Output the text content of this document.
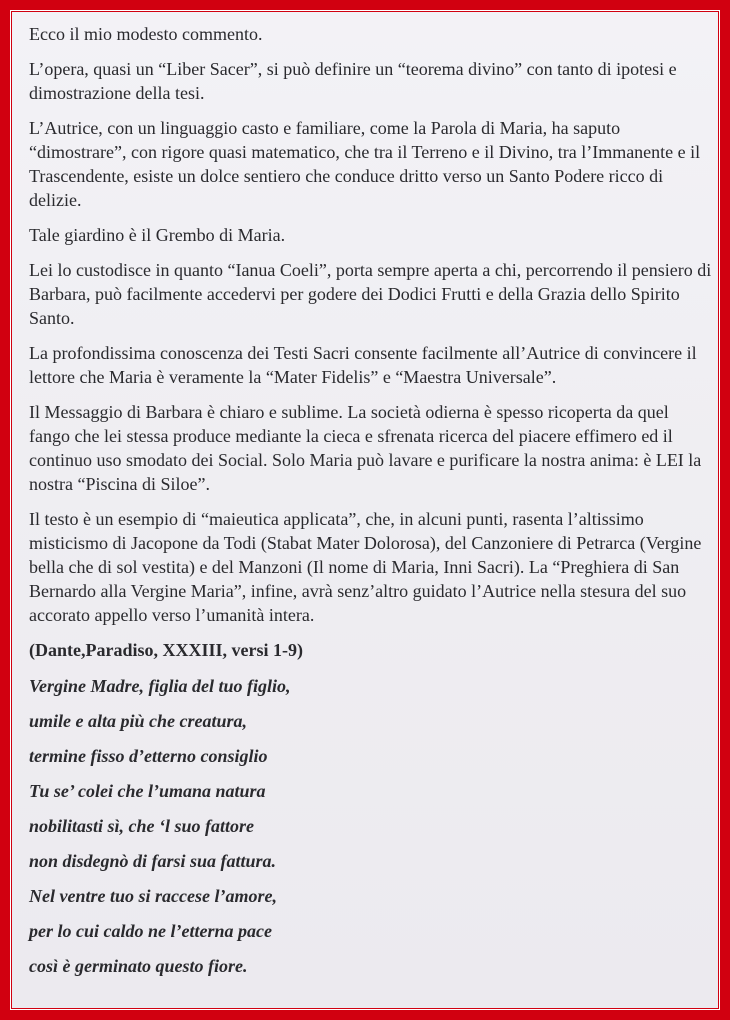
Ecco il mio modesto commento.

L’opera, quasi un “Liber Sacer”, si può definire un “teorema divino” con tanto di ipotesi e dimostrazione della tesi.

L’Autrice, con un linguaggio casto e familiare, come la Parola di Maria, ha saputo “dimostrare”, con rigore quasi matematico, che tra il Terreno e il Divino, tra l’Immanente e il Trascendente, esiste un dolce sentiero che conduce dritto verso un Santo Podere ricco di delizie.

Tale giardino è il Grembo di Maria.

Lei lo custodisce in quanto “Ianua Coeli”, porta sempre aperta a chi, percorrendo il pensiero di Barbara, può facilmente accedervi per godere dei Dodici Frutti e della Grazia dello Spirito Santo.

La profondissima conoscenza dei Testi Sacri consente facilmente all’Autrice di convincere il lettore che Maria è veramente la “Mater Fidelis” e “Maestra Universale”.

Il Messaggio di Barbara è chiaro e sublime. La società odierna è spesso ricoperta da quel fango che lei stessa produce mediante la cieca e sfrenata ricerca del piacere effimero ed il continuo uso smodato dei Social. Solo Maria può lavare e purificare la nostra anima: è LEI la nostra “Piscina di Siloe”.

Il testo è un esempio di “maieutica applicata”, che, in alcuni punti, rasenta l’altissimo misticismo di Jacopone da Todi (Stabat Mater Dolorosa), del Canzoniere di Petrarca (Vergine bella che di sol vestita) e del Manzoni (Il nome di Maria, Inni Sacri). La “Preghiera di San Bernardo alla Vergine Maria”, infine, avrà senz’altro guidato l’Autrice nella stesura del suo accorato appello verso l’umanità intera.

(Dante,Paradiso, XXXIII, versi 1-9)

Vergine Madre, figlia del tuo figlio,

umile e alta più che creatura,

termine fisso d’etterno consiglio

Tu se’ colei che l’umana natura

nobilitasti sì, che ‘l suo fattore

non disdegnò di farsi sua fattura.

Nel ventre tuo si raccese l’amore,

per lo cui caldo ne l’etterna pace

così è germinato questo fiore.
